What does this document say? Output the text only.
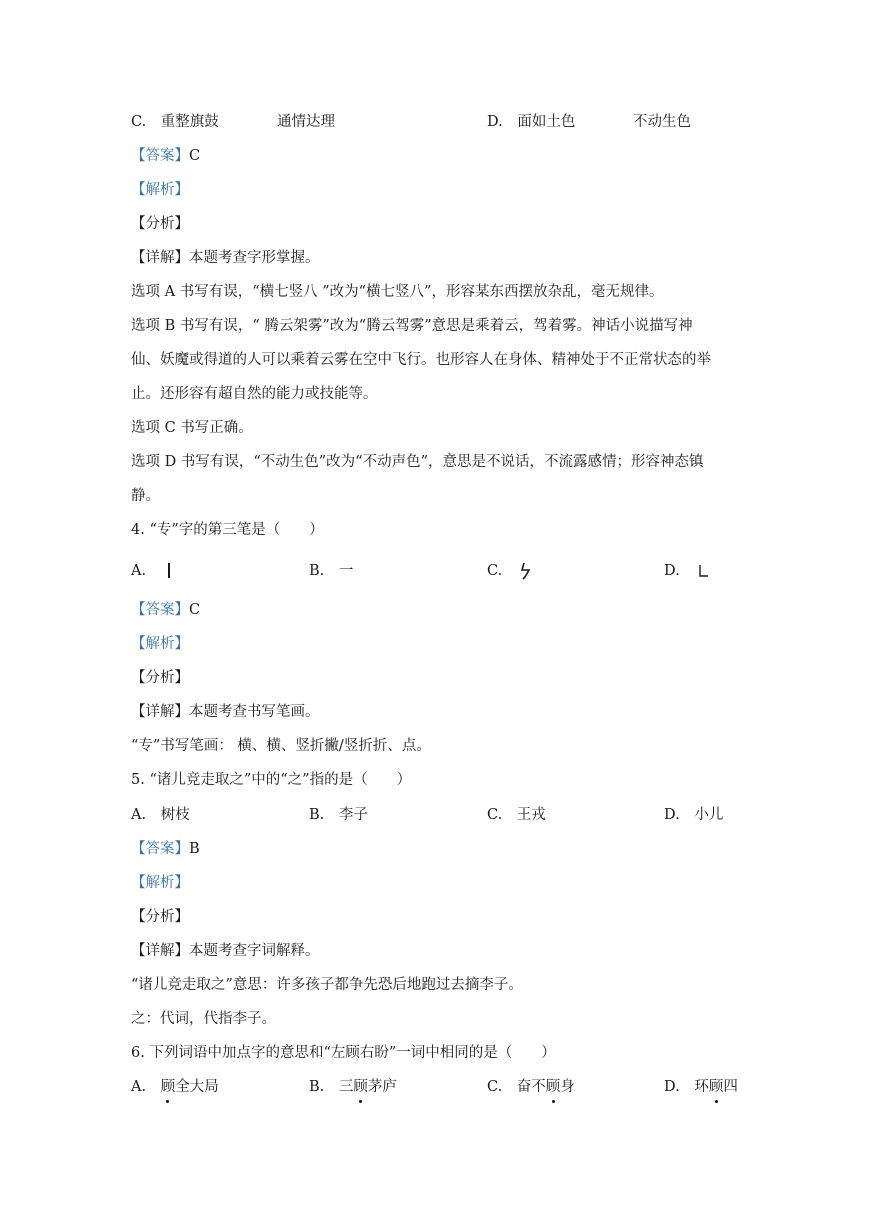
C. 重整旗鼓	通情达理	D. 面如土色	不动生色
【答案】C
【解析】
【分析】
【详解】本题考查字形掌握。
选项 A 书写有误，“横七竖八 ”改为“横七竖八”，形容某东西摆放杂乱，毫无规律。
选项 B 书写有误，“ 腾云架雾”改为“腾云驾雾”意思是乘着云，驾着雾。神话小说描写神
仙、妖魔或得道的人可以乘着云雾在空中飞行。也形容人在身体、精神处于不正常状态的举
止。还形容有超自然的能力或技能等。
选项 C 书写正确。
选项 D 书写有误，“不动生色”改为“不动声色”，意思是不说话，不流露感情；形容神态镇
静。
4. “专”字的第三笔是（　　）
A.	B. 一	C.	D.
【答案】C
【解析】
【分析】
【详解】本题考查书写笔画。
“专”书写笔画： 横、横、竖折撇/竖折折、点。
5. “诸儿竞走取之”中的“之”指的是（　　）
A. 树枝	B. 李子	C. 王戎	D. 小儿
【答案】B
【解析】
【分析】
【详解】本题考查字词解释。
“诸儿竞走取之”意思：许多孩子都争先恐后地跑过去摘李子。
之：代词，代指李子。
6. 下列词语中加点字的意思和“左顾右盼”一词中相同的是（　　）
A. 顾全大局	B. 三顾茅庐	C. 奋不顾身	D. 环顾四
